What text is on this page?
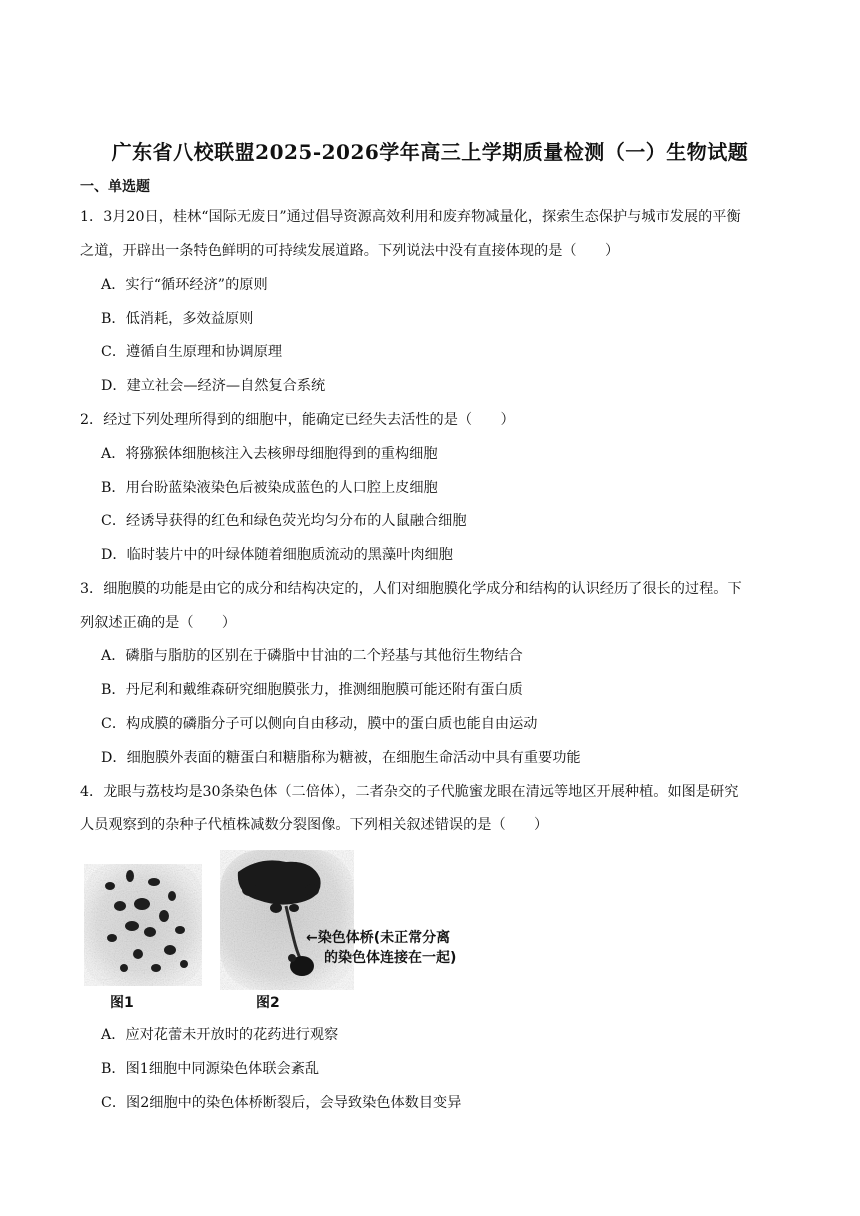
广东省八校联盟2025-2026学年高三上学期质量检测（一）生物试题
一、单选题
1．3月20日，桂林“国际无废日”通过倡导资源高效利用和废弃物减量化，探索生态保护与城市发展的平衡
之道，开辟出一条特色鲜明的可持续发展道路。下列说法中没有直接体现的是（　　）
A．实行“循环经济”的原则
B．低消耗，多效益原则
C．遵循自生原理和协调原理
D．建立社会—经济—自然复合系统
2．经过下列处理所得到的细胞中，能确定已经失去活性的是（　　）
A．将猕猴体细胞核注入去核卵母细胞得到的重构细胞
B．用台盼蓝染液染色后被染成蓝色的人口腔上皮细胞
C．经诱导获得的红色和绿色荧光均匀分布的人鼠融合细胞
D．临时装片中的叶绿体随着细胞质流动的黑藻叶肉细胞
3．细胞膜的功能是由它的成分和结构决定的，人们对细胞膜化学成分和结构的认识经历了很长的过程。下
列叙述正确的是（　　）
A．磷脂与脂肪的区别在于磷脂中甘油的二个羟基与其他衍生物结合
B．丹尼利和戴维森研究细胞膜张力，推测细胞膜可能还附有蛋白质
C．构成膜的磷脂分子可以侧向自由移动，膜中的蛋白质也能自由运动
D．细胞膜外表面的糖蛋白和糖脂称为糖被，在细胞生命活动中具有重要功能
4．龙眼与荔枝均是30条染色体（二倍体），二者杂交的子代脆蜜龙眼在清远等地区开展种植。如图是研究
人员观察到的杂种子代植株减数分裂图像。下列相关叙述错误的是（　　）
图1	图2
←染色体桥(未正常分离
的染色体连接在一起)
A．应对花蕾未开放时的花药进行观察
B．图1细胞中同源染色体联会紊乱
C．图2细胞中的染色体桥断裂后，会导致染色体数目变异
